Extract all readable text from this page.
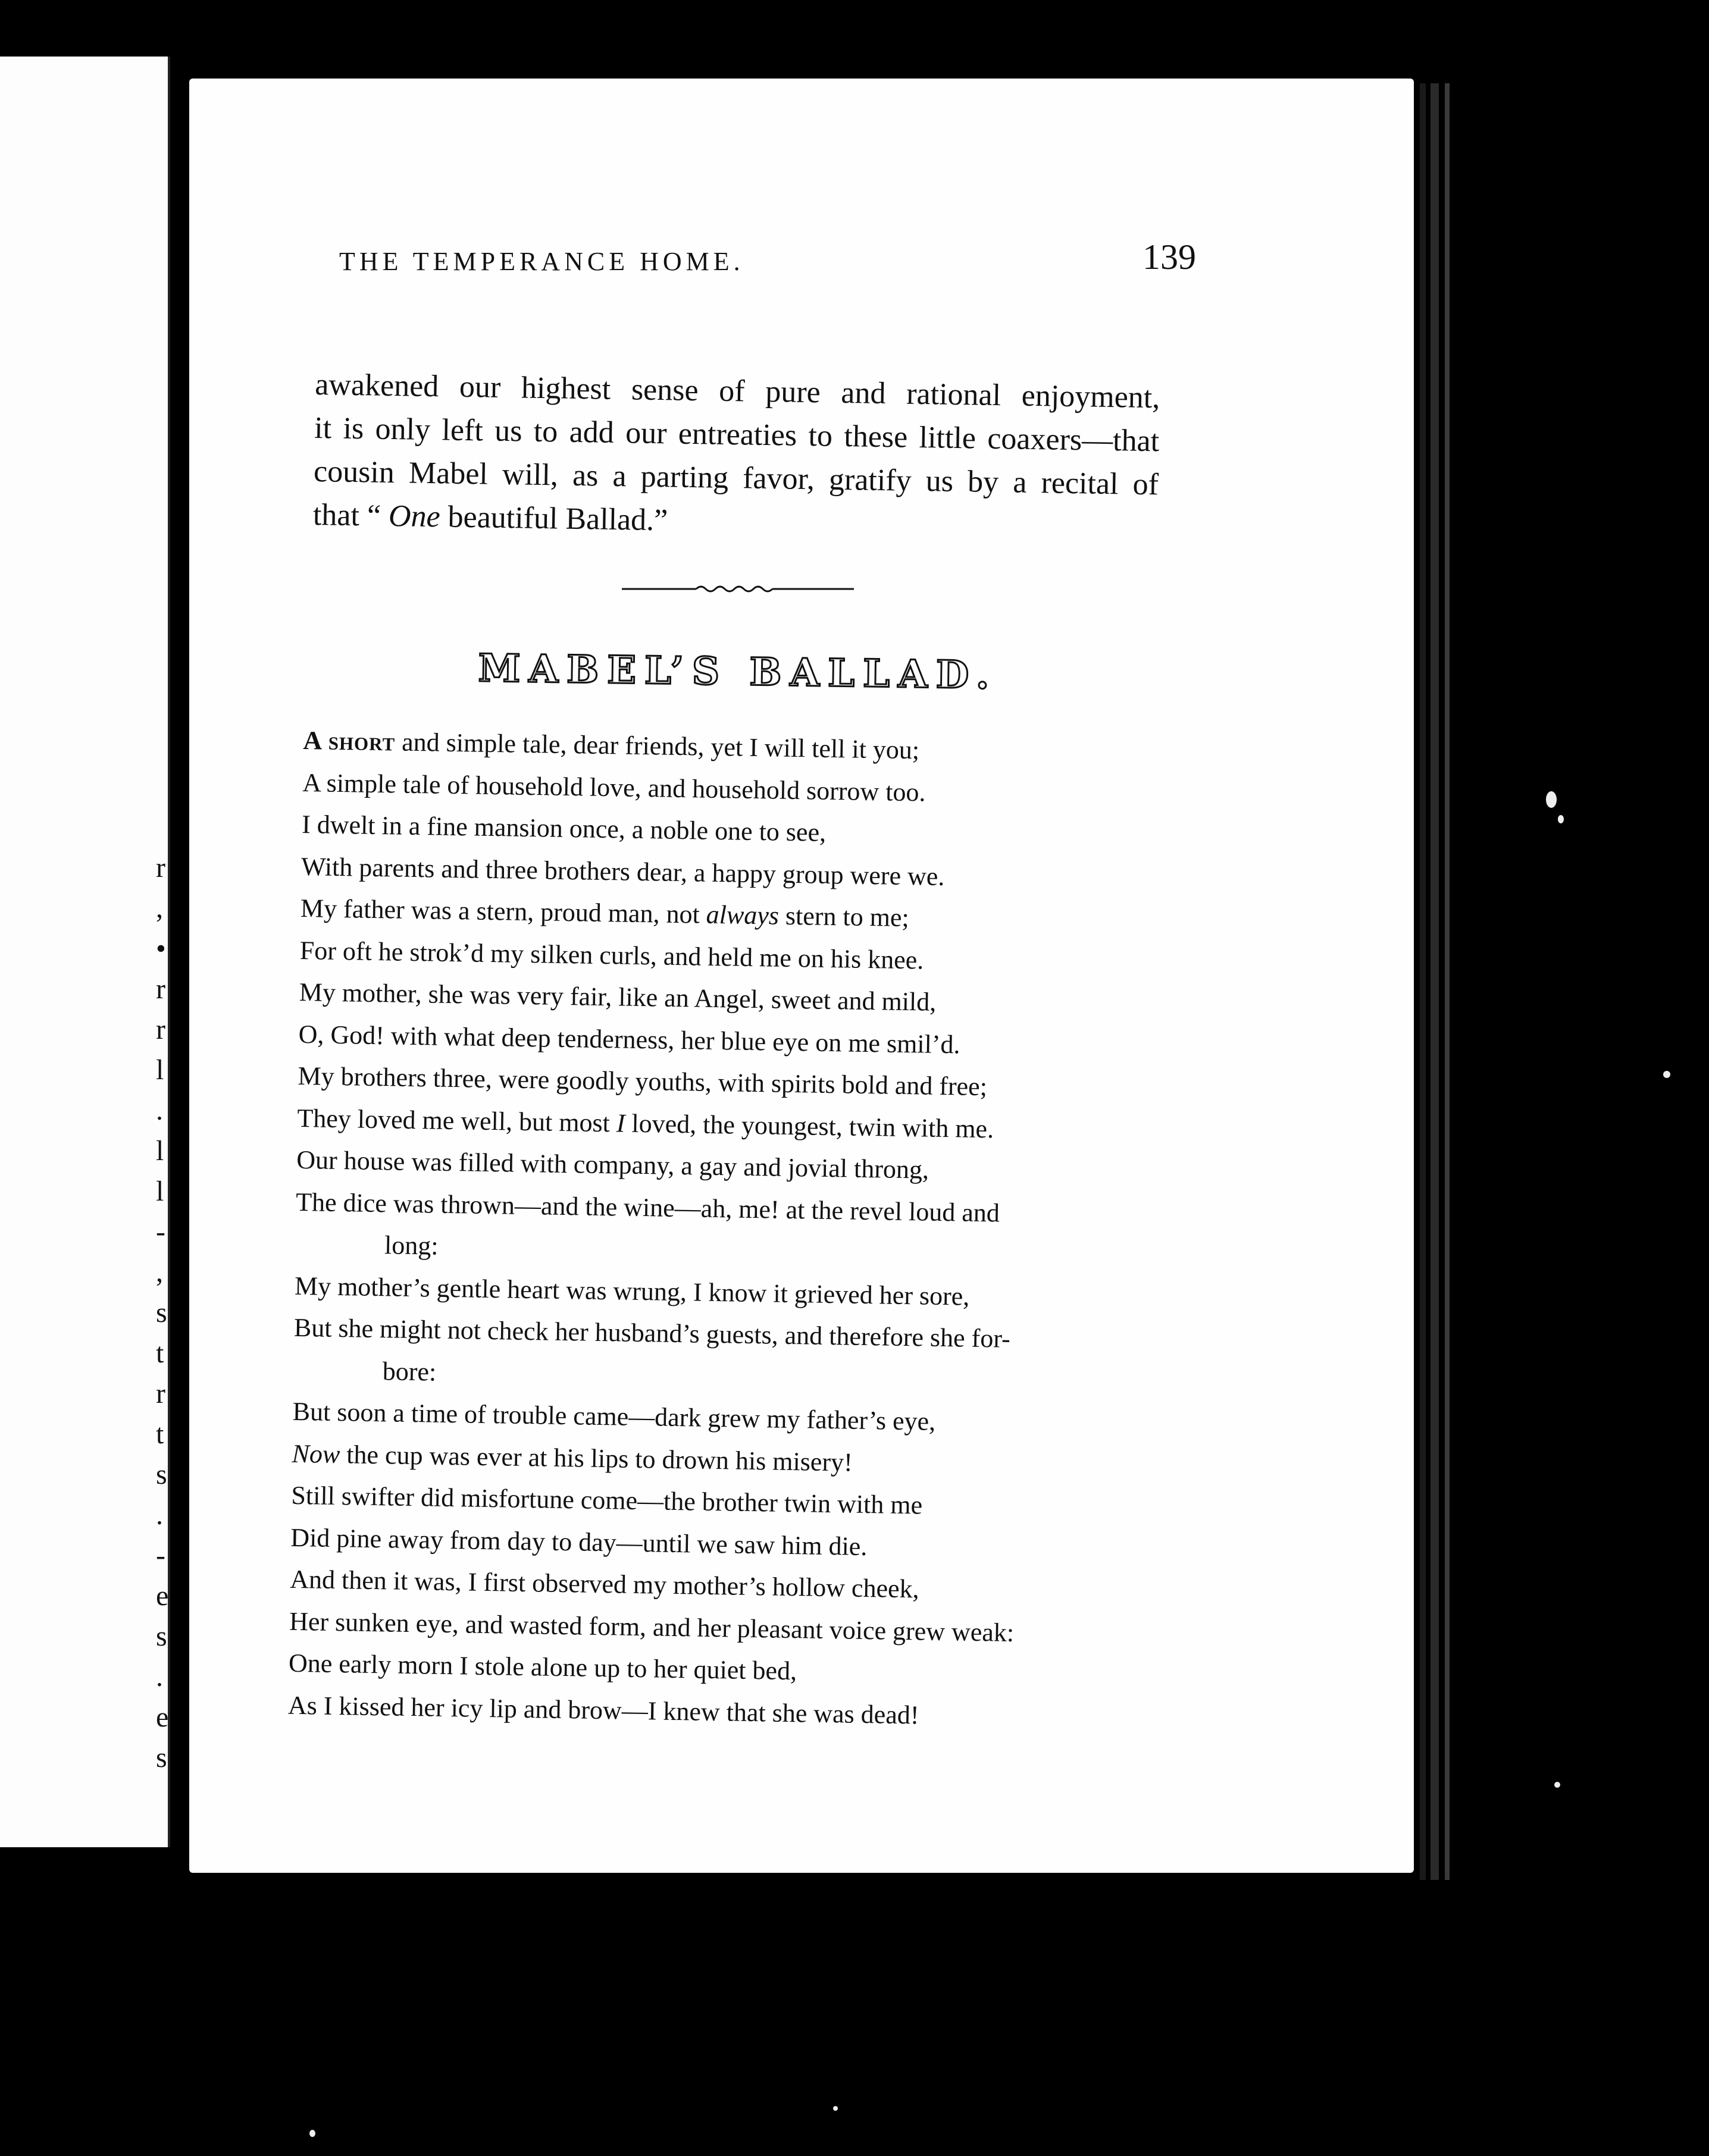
r
,
•
r
r
l
.
l
l
-
,
s
t
r
t
s
.
-
e
s
.
e
s
THE TEMPERANCE HOME.	139
awakened our highest sense of pure and rational enjoyment,
it is only left us to add our entreaties to these little coaxers—that
cousin Mabel will, as a parting favor, gratify us by a recital of
that “ One beautiful Ballad.”
MABEL’S BALLAD.
A short and simple tale, dear friends, yet I will tell it you;
A simple tale of household love, and household sorrow too.
I dwelt in a fine mansion once, a noble one to see,
With parents and three brothers dear, a happy group were we.
My father was a stern, proud man, not always stern to me;
For oft he strok’d my silken curls, and held me on his knee.
My mother, she was very fair, like an Angel, sweet and mild,
O, God! with what deep tenderness, her blue eye on me smil’d.
My brothers three, were goodly youths, with spirits bold and free;
They loved me well, but most I loved, the youngest, twin with me.
Our house was filled with company, a gay and jovial throng,
The dice was thrown—and the wine—ah, me! at the revel loud and
long:
My mother’s gentle heart was wrung, I know it grieved her sore,
But she might not check her husband’s guests, and therefore she for-
bore:
But soon a time of trouble came—dark grew my father’s eye,
Now the cup was ever at his lips to drown his misery!
Still swifter did misfortune come—the brother twin with me
Did pine away from day to day—until we saw him die.
And then it was, I first observed my mother’s hollow cheek,
Her sunken eye, and wasted form, and her pleasant voice grew weak:
One early morn I stole alone up to her quiet bed,
As I kissed her icy lip and brow—I knew that she was dead!
